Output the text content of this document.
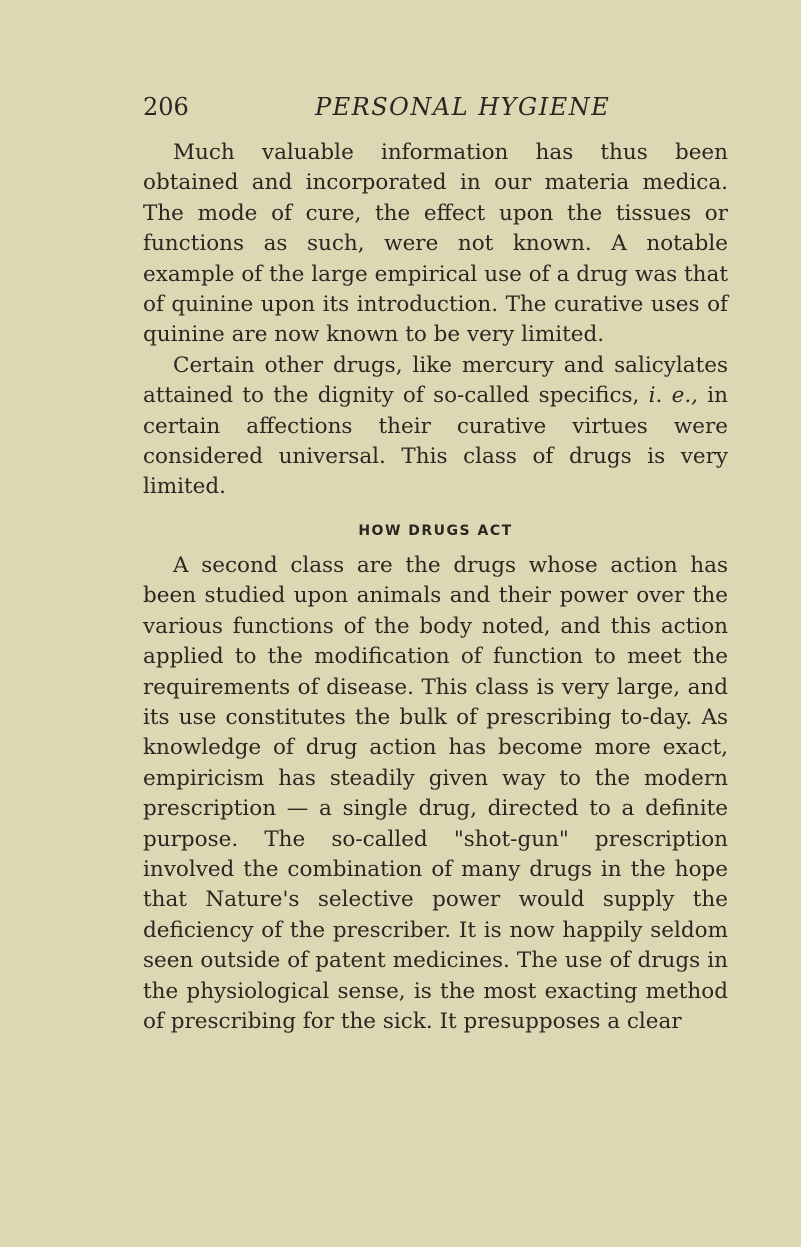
206	PERSONAL HYGIENE

Much valuable information has thus been obtained and incorporated in our materia medica. The mode of cure, the effect upon the tissues or functions as such, were not known. A notable example of the large empirical use of a drug was that of quinine upon its introduction. The curative uses of quinine are now known to be very limited.

Certain other drugs, like mercury and salicylates attained to the dignity of so-called specifics, i. e., in certain affections their curative virtues were considered universal. This class of drugs is very limited.

HOW DRUGS ACT

A second class are the drugs whose action has been studied upon animals and their power over the various functions of the body noted, and this action applied to the modification of function to meet the requirements of disease. This class is very large, and its use constitutes the bulk of prescribing to-day. As knowledge of drug action has become more exact, empiricism has steadily given way to the modern prescription — a single drug, directed to a definite purpose. The so-called "shot-gun" prescription involved the combination of many drugs in the hope that Nature's selective power would supply the deficiency of the prescriber. It is now happily seldom seen outside of patent medicines. The use of drugs in the physiological sense, is the most exacting method of prescribing for the sick. It presupposes a clear
